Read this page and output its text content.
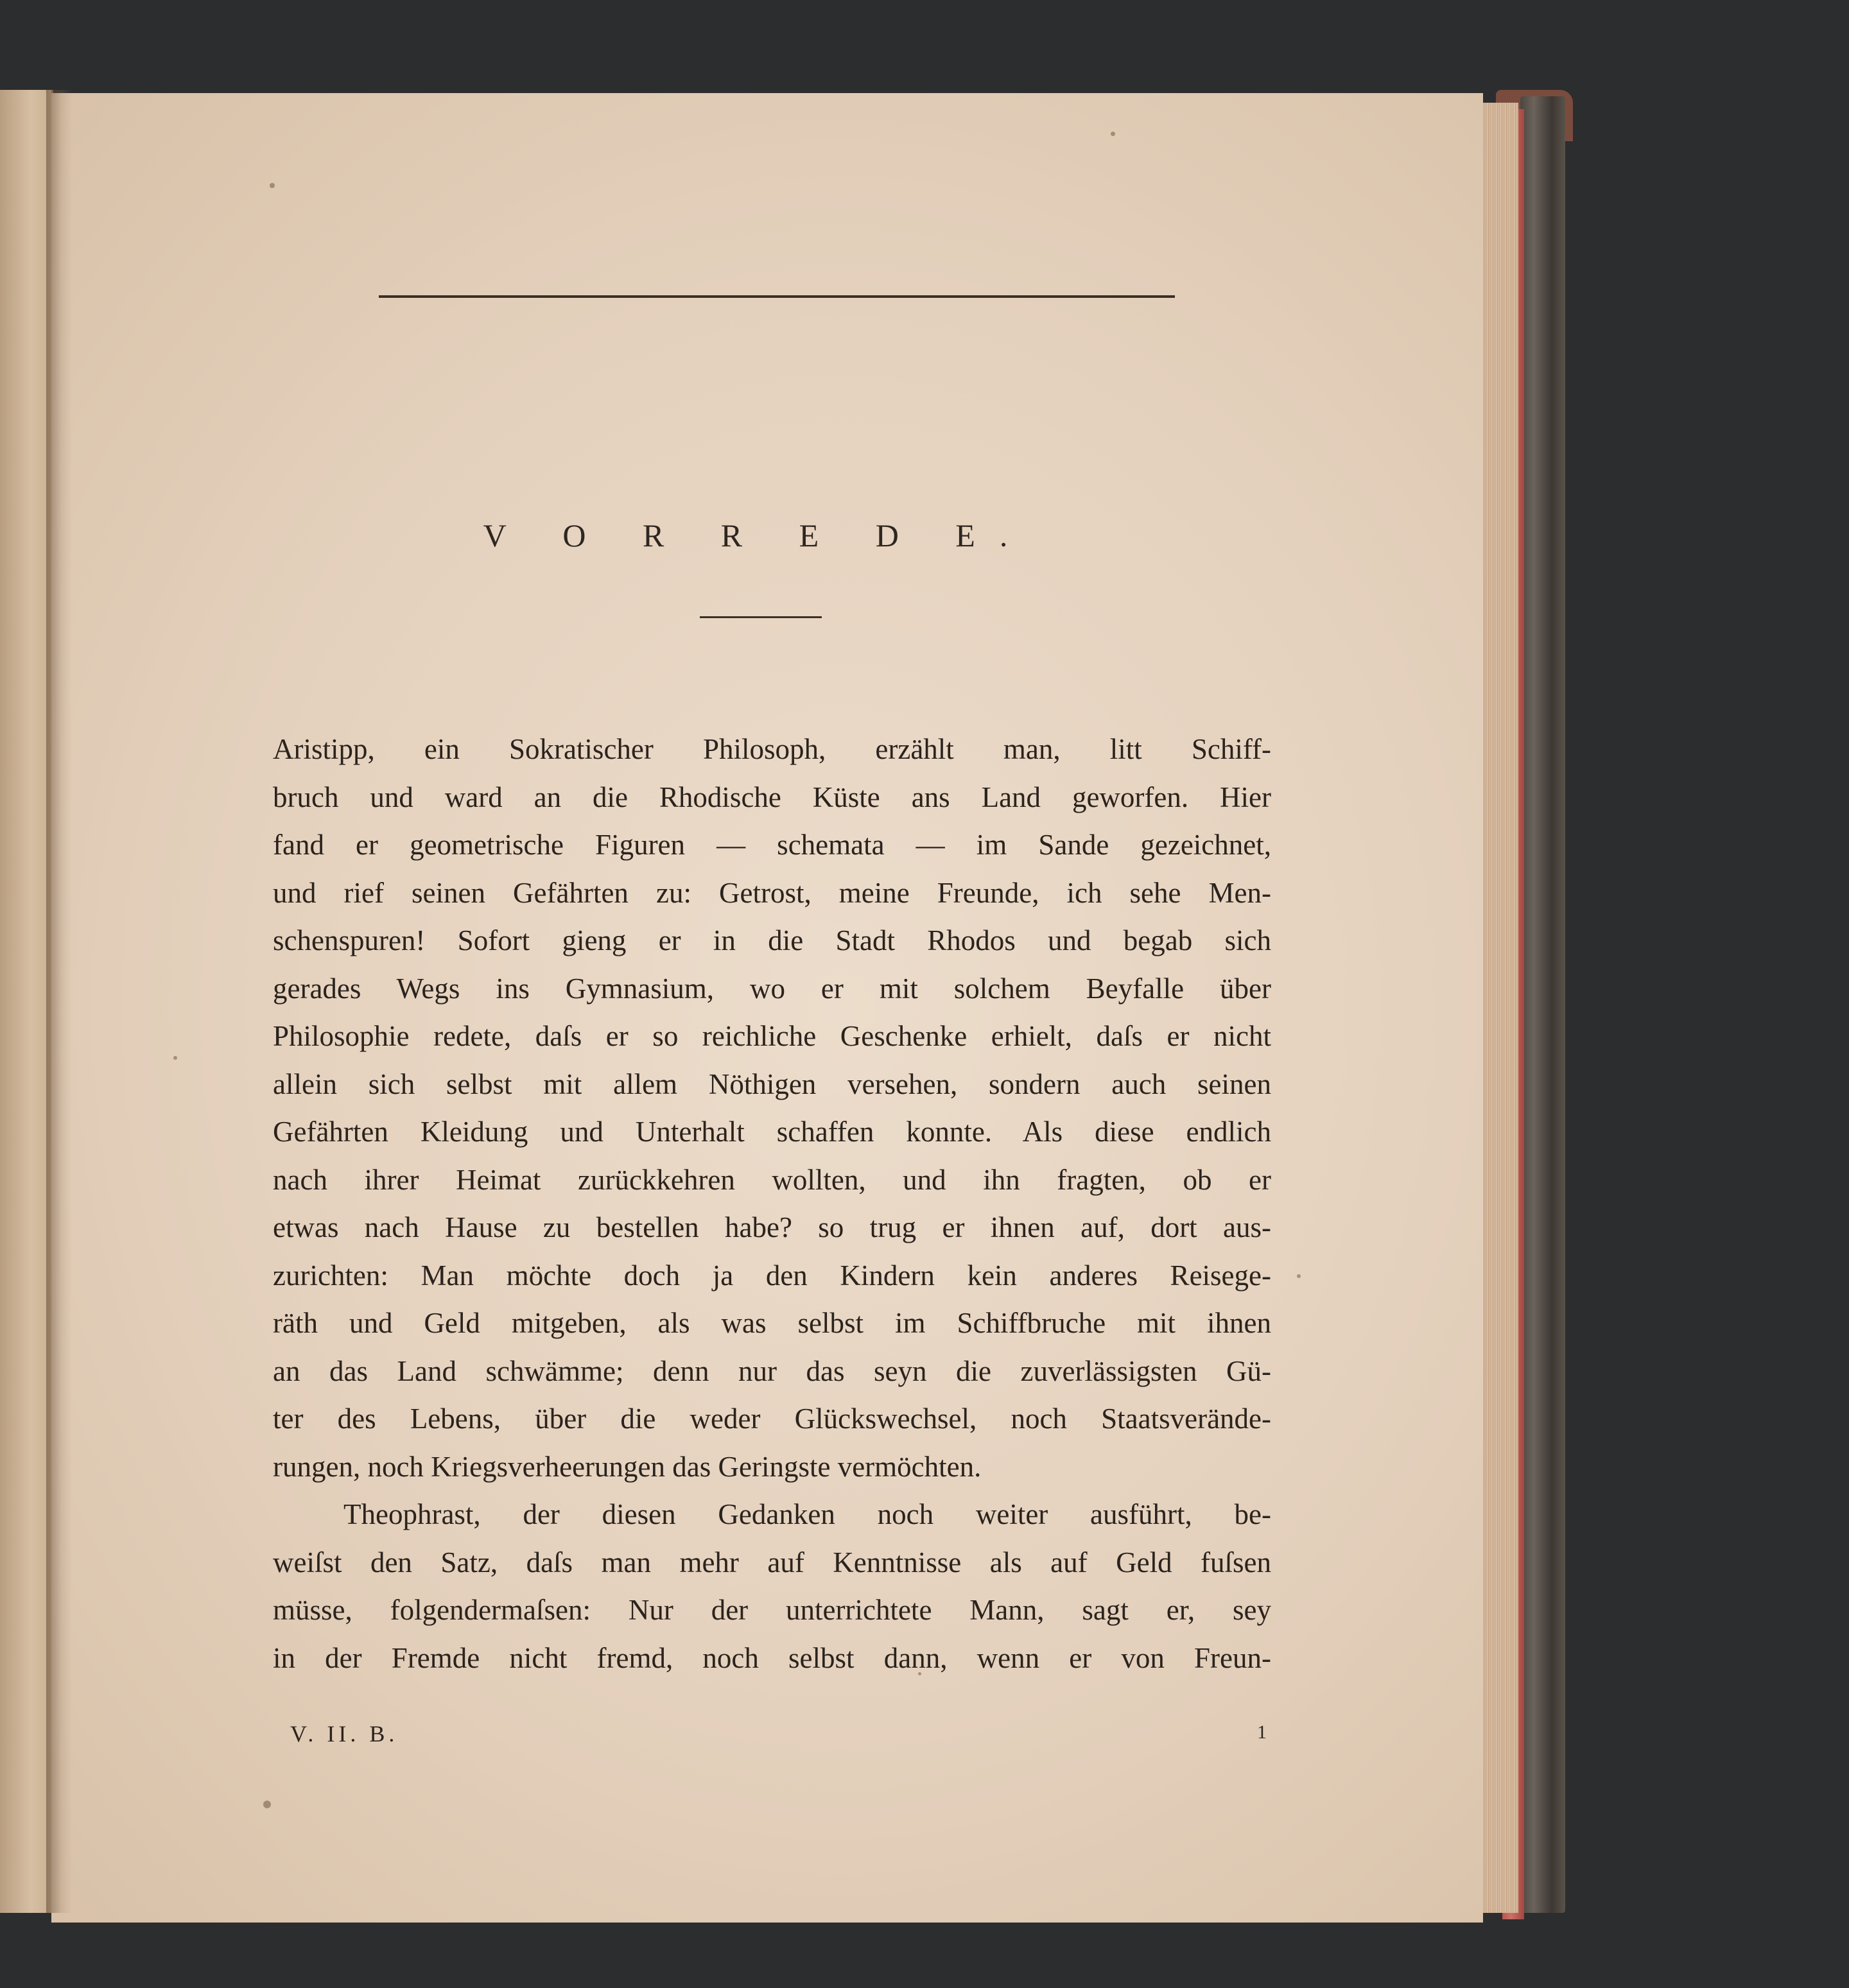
V O R R E D E.
Aristipp, ein Sokratischer Philosoph, erzählt man, litt Schiff-
bruch und ward an die Rhodische Küste ans Land geworfen. Hier
fand er geometrische Figuren — schemata — im Sande gezeichnet,
und rief seinen Gefährten zu: Getrost, meine Freunde, ich sehe Men-
schenspuren! Sofort gieng er in die Stadt Rhodos und begab sich
gerades Wegs ins Gymnasium, wo er mit solchem Beyfalle über
Philosophie redete, daſs er so reichliche Geschenke erhielt, daſs er nicht
allein sich selbst mit allem Nöthigen versehen, sondern auch seinen
Gefährten Kleidung und Unterhalt schaffen konnte. Als diese endlich
nach ihrer Heimat zurückkehren wollten, und ihn fragten, ob er
etwas nach Hause zu bestellen habe? so trug er ihnen auf, dort aus-
zurichten: Man möchte doch ja den Kindern kein anderes Reisege-
räth und Geld mitgeben, als was selbst im Schiffbruche mit ihnen
an das Land schwämme; denn nur das seyn die zuverlässigsten Gü-
ter des Lebens, über die weder Glückswechsel, noch Staatsverände-
rungen, noch Kriegsverheerungen das Geringste vermöchten.
Theophrast, der diesen Gedanken noch weiter ausführt, be-
weiſst den Satz, daſs man mehr auf Kenntnisse als auf Geld fuſsen
müsse, folgendermaſsen: Nur der unterrichtete Mann, sagt er, sey
in der Fremde nicht fremd, noch selbst dann, wenn er von Freun-
V. II. B.	1
